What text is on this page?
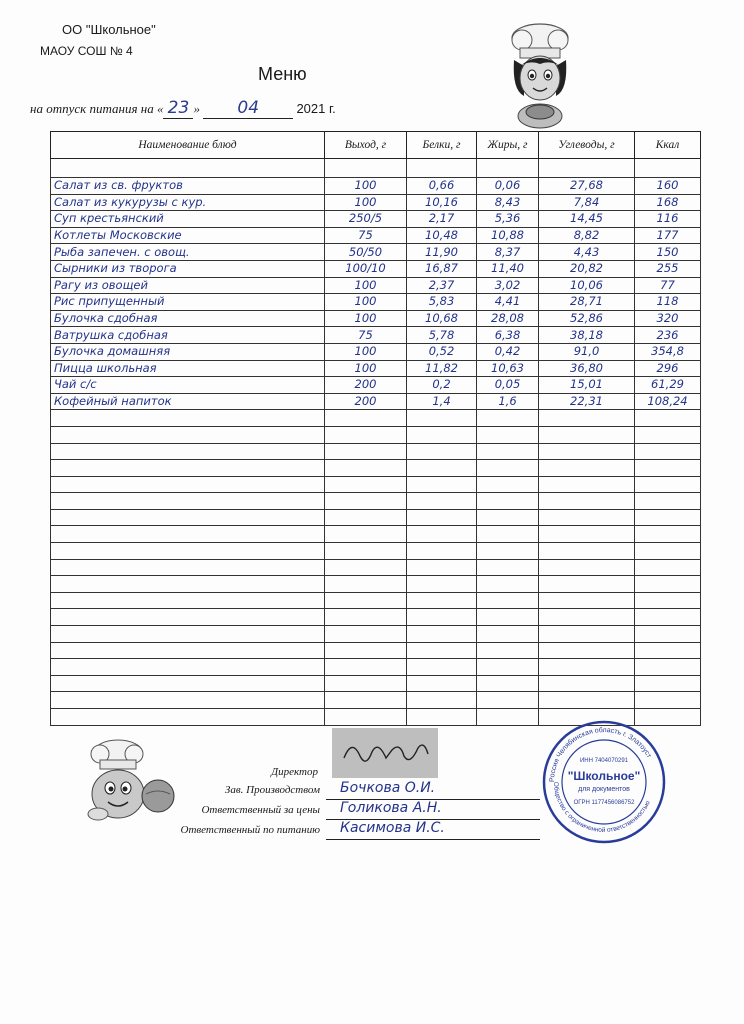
ОО "Школьное"
МАОУ СОШ № 4
Меню
на отпуск питания на « 23 » 04	2021 г.
Наименование блюд	Выход, г	Белки, г	Жиры, г	Углеводы, г	Ккал

Салат из св. фруктов	100	0,66	0,06	27,68	160
Салат из кукурузы с кур.	100	10,16	8,43	7,84	168
Суп крестьянский	250/5	2,17	5,36	14,45	116
Котлеты Московские	75	10,48	10,88	8,82	177
Рыба запечен. с овощ.	50/50	11,90	8,37	4,43	150
Сырники из творога	100/10	16,87	11,40	20,82	255
Рагу из овощей	100	2,37	3,02	10,06	77
Рис припущенный	100	5,83	4,41	28,71	118
Булочка сдобная	100	10,68	28,08	52,86	320
Ватрушка сдобная	75	5,78	6,38	38,18	236
Булочка домашняя	100	0,52	0,42	91,0	354,8
Пицца школьная	100	11,82	10,63	36,80	296
Чай с/с	200	0,2	0,05	15,01	61,29
Кофейный напиток	200	1,4	1,6	22,31	108,24

Директор
Зав. Производством Бочкова О.И.
Ответственный за цены Голикова А.Н.
Ответственный по питанию Касимова И.С.
Россия Челябинская область г. Златоуст
Общество с ограниченной ответственностью
ИНН 7404070291
"Школьное"
для документов
ОГРН 1177456086752
